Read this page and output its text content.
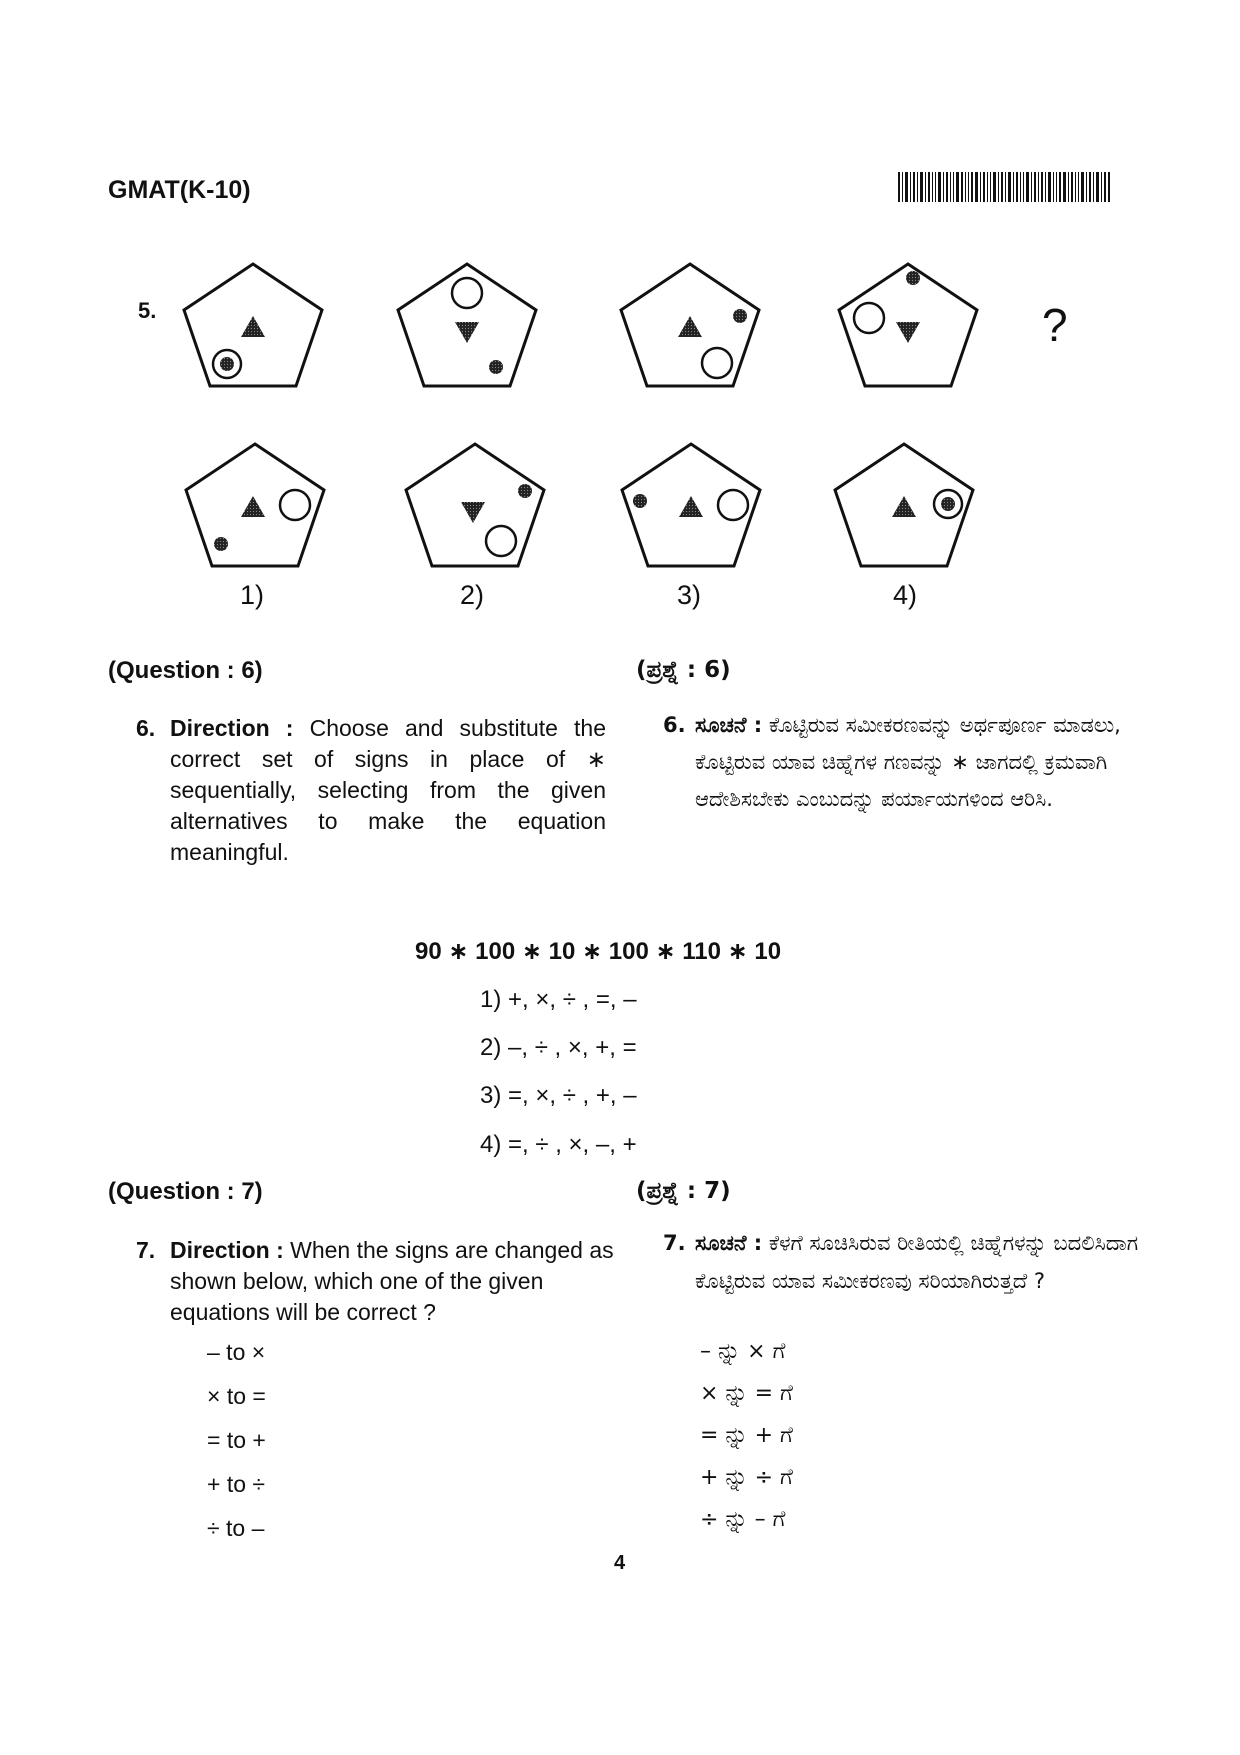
GMAT(K-10)
5.	?
1)	2)	3)	4)
(Question : 6)	(ಪ್ರಶ್ನೆ : 6)
6. Direction : Choose and substitute the correct set of signs in place of ∗ sequentially, selecting from the given alternatives to make the equation meaningful.
6. ಸೂಚನೆ : ಕೊಟ್ಟಿರುವ ಸಮೀಕರಣವನ್ನು ಅರ್ಥಪೂರ್ಣ ಮಾಡಲು, ಕೊಟ್ಟಿರುವ ಯಾವ ಚಿಹ್ನೆಗಳ ಗಣವನ್ನು ∗ ಜಾಗದಲ್ಲಿ ಕ್ರಮವಾಗಿ ಆದೇಶಿಸಬೇಕು ಎಂಬುದನ್ನು ಪರ್ಯಾಯಗಳಿಂದ ಆರಿಸಿ.
90 ∗ 100 ∗ 10 ∗ 100 ∗ 110 ∗ 10
1) +, ×, ÷ , =, –
2) –, ÷ , ×, +, =
3) =, ×, ÷ , +, –
4) =, ÷ , ×, –, +
(Question : 7)	(ಪ್ರಶ್ನೆ : 7)
7. Direction : When the signs are changed as shown below, which one of the given equations will be correct ?
7. ಸೂಚನೆ : ಕೆಳಗೆ ಸೂಚಿಸಿರುವ ರೀತಿಯಲ್ಲಿ ಚಿಹ್ನೆಗಳನ್ನು ಬದಲಿಸಿದಾಗ ಕೊಟ್ಟಿರುವ ಯಾವ ಸಮೀಕರಣವು ಸರಿಯಾಗಿರುತ್ತದೆ ?
– to ×
× to =
= to +
+ to ÷
÷ to –
– ನ್ನು × ಗೆ
× ನ್ನು = ಗೆ
= ನ್ನು + ಗೆ
+ ನ್ನು ÷ ಗೆ
÷ ನ್ನು – ಗೆ
4
